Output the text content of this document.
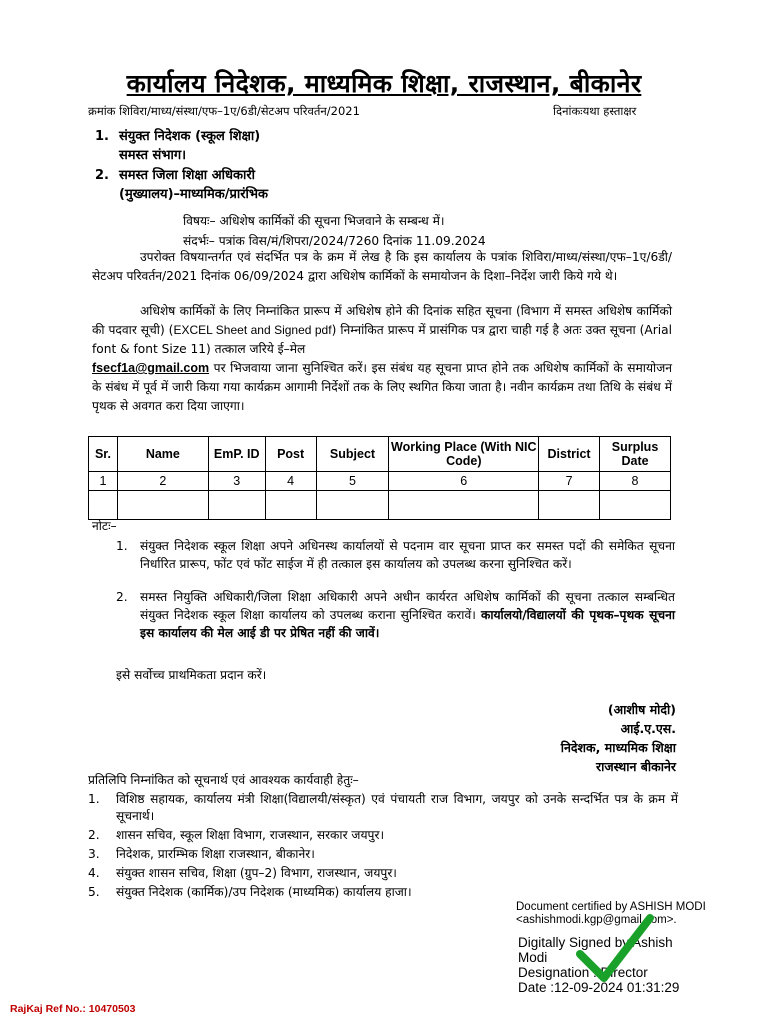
कार्यालय निदेशक, माध्यमिक शिक्षा, राजस्थान, बीकानेर
क्रमांक शिविरा/माध्य/संस्था/एफ–1ए/6डी/सेटअप परिवर्तन/2021	दिनांकःयथा हस्ताक्षर
1. संयुक्त निदेशक (स्कूल शिक्षा)
समस्त संभाग।
2. समस्त जिला शिक्षा अधिकारी
(मुख्यालय)–माध्यमिक/प्रारंभिक
विषयः– अधिशेष कार्मिकों की सूचना भिजवाने के सम्बन्ध में।
संदर्भः– पत्रांक विस/मं/शिपरा/2024/7260 दिनांक 11.09.2024
उपरोक्त विषयान्तर्गत एवं संदर्भित पत्र के क्रम में लेख है कि इस कार्यालय के पत्रांक शिविरा/माध्य/संस्था/एफ–1ए/6डी/सेटअप परिवर्तन/2021 दिनांक 06/09/2024 द्वारा अधिशेष कार्मिकों के समायोजन के दिशा–निर्देश जारी किये गये थे।
अधिशेष कार्मिकों के लिए निम्नांकित प्रारूप में अधिशेष होने की दिनांक सहित सूचना (विभाग में समस्त अधिशेष कार्मिको की पदवार सूची) (EXCEL Sheet and Signed pdf) निम्नांकित प्रारूप में प्रासंगिक पत्र द्वारा चाही गई है अतः उक्त सूचना (Arial font & font Size 11) तत्काल जरिये ई–मेल
fsecf1a@gmail.com पर भिजवाया जाना सुनिश्चित करें। इस संबंध यह सूचना प्राप्त होने तक अधिशेष कार्मिकों के समायोजन के संबंध में पूर्व में जारी किया गया कार्यक्रम आगामी निर्देशों तक के लिए स्थगित किया जाता है। नवीन कार्यक्रम तथा तिथि के संबंध में पृथक से अवगत करा दिया जाएगा।
Sr.	Name	EmP. ID	Post	Subject	Working Place (With NIC Code)	District	Surplus Date
1	2	3	4	5	6	7	8

नोटः–
1.	संयुक्त निदेशक स्कूल शिक्षा अपने अधिनस्थ कार्यालयों से पदनाम वार सूचना प्राप्त कर समस्त पदों की समेकित सूचना निर्धारित प्रारूप, फोंट एवं फोंट साईज में ही तत्काल इस कार्यालय को उपलब्ध करना सुनिश्चित करें।
2.	समस्त नियुक्ति अधिकारी/जिला शिक्षा अधिकारी अपने अधीन कार्यरत अधिशेष कार्मिकों की सूचना तत्काल सम्बन्धित संयुक्त निदेशक स्कूल शिक्षा कार्यालय को उपलब्ध कराना सुनिश्चित करावें। कार्यालयो/विद्यालयों की पृथक–पृथक सूचना इस कार्यालय की मेल आई डी पर प्रेषित नहीं की जावें।
इसे सर्वोच्च प्राथमिकता प्रदान करें।
(आशीष मोदी)
आई.ए.एस.
निदेशक, माध्यमिक शिक्षा
राजस्थान बीकानेर
प्रतिलिपि निम्नांकित को सूचनार्थ एवं आवश्यक कार्यवाही हेतुः–
1.	विशिष्ठ सहायक, कार्यालय मंत्री शिक्षा(विद्यालयी/संस्कृत) एवं पंचायती राज विभाग, जयपुर को उनके सन्दर्भित पत्र के क्रम में सूचनार्थ।
2.	शासन सचिव, स्कूल शिक्षा विभाग, राजस्थान, सरकार जयपुर।
3.	निदेशक, प्रारम्भिक शिक्षा राजस्थान, बीकानेर।
4.	संयुक्त शासन सचिव, शिक्षा (ग्रुप–2) विभाग, राजस्थान, जयपुर।
5.	संयुक्त निदेशक (कार्मिक)/उप निदेशक (माध्यमिक) कार्यालय हाजा।
Document certified by ASHISH MODI
<ashishmodi.kgp@gmail.com>.
Digitally Signed by Ashish
Modi
Designation : Director
Date :12-09-2024 01:31:29
RajKaj Ref No.: 10470503
